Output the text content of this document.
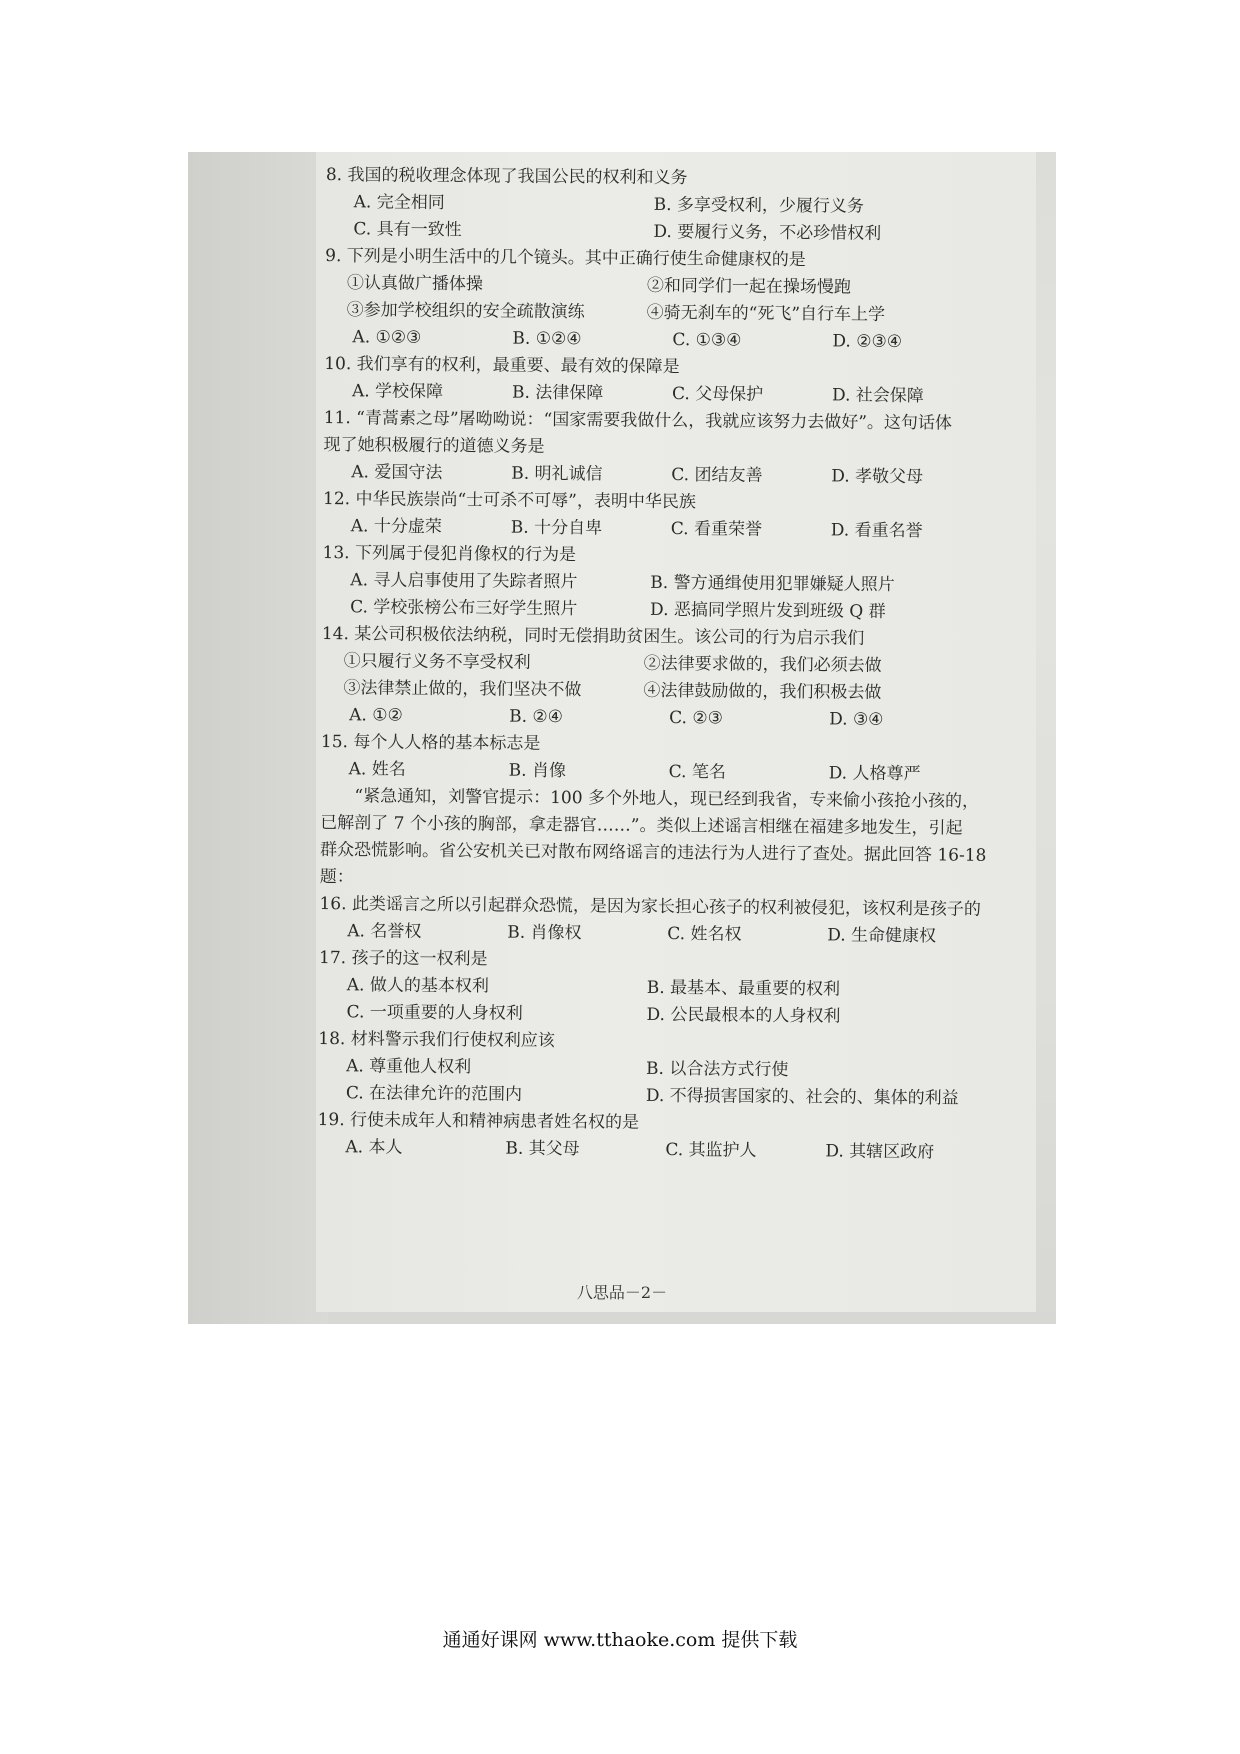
8. 我国的税收理念体现了我国公民的权利和义务

A. 完全相同	B. 多享受权利，少履行义务
C. 具有一致性	D. 要履行义务，不必珍惜权利

9. 下列是小明生活中的几个镜头。其中正确行使生命健康权的是

①认真做广播体操	②和同学们一起在操场慢跑
③参加学校组织的安全疏散演练	④骑无刹车的“死飞”自行车上学
A. ①②③	B. ①②④	C. ①③④	D. ②③④

10. 我们享有的权利，最重要、最有效的保障是

A. 学校保障	B. 法律保障	C. 父母保护	D. 社会保障

11. “青蒿素之母”屠呦呦说：“国家需要我做什么，我就应该努力去做好”。这句话体

现了她积极履行的道德义务是

A. 爱国守法	B. 明礼诚信	C. 团结友善	D. 孝敬父母

12. 中华民族崇尚“士可杀不可辱”，表明中华民族

A. 十分虚荣	B. 十分自卑	C. 看重荣誉	D. 看重名誉

13. 下列属于侵犯肖像权的行为是

A. 寻人启事使用了失踪者照片	B. 警方通缉使用犯罪嫌疑人照片
C. 学校张榜公布三好学生照片	D. 恶搞同学照片发到班级 Q 群

14. 某公司积极依法纳税，同时无偿捐助贫困生。该公司的行为启示我们

①只履行义务不享受权利	②法律要求做的，我们必须去做
③法律禁止做的，我们坚决不做	④法律鼓励做的，我们积极去做
A. ①②	B. ②④	C. ②③	D. ③④

15. 每个人人格的基本标志是

A. 姓名	B. 肖像	C. 笔名	D. 人格尊严

“紧急通知，刘警官提示：100 多个外地人，现已经到我省，专来偷小孩抢小孩的，

已解剖了 7 个小孩的胸部，拿走器官……”。类似上述谣言相继在福建多地发生，引起

群众恐慌影响。省公安机关已对散布网络谣言的违法行为人进行了查处。据此回答 16-18

题：

16. 此类谣言之所以引起群众恐慌，是因为家长担心孩子的权利被侵犯，该权利是孩子的

A. 名誉权	B. 肖像权	C. 姓名权	D. 生命健康权

17. 孩子的这一权利是

A. 做人的基本权利	B. 最基本、最重要的权利
C. 一项重要的人身权利	D. 公民最根本的人身权利

18. 材料警示我们行使权利应该

A. 尊重他人权利	B. 以合法方式行使
C. 在法律允许的范围内	D. 不得损害国家的、社会的、集体的利益

19. 行使未成年人和精神病患者姓名权的是

A. 本人	B. 其父母	C. 其监护人	D. 其辖区政府
八思品－2－
通通好课网 www.tthaoke.com 提供下载
